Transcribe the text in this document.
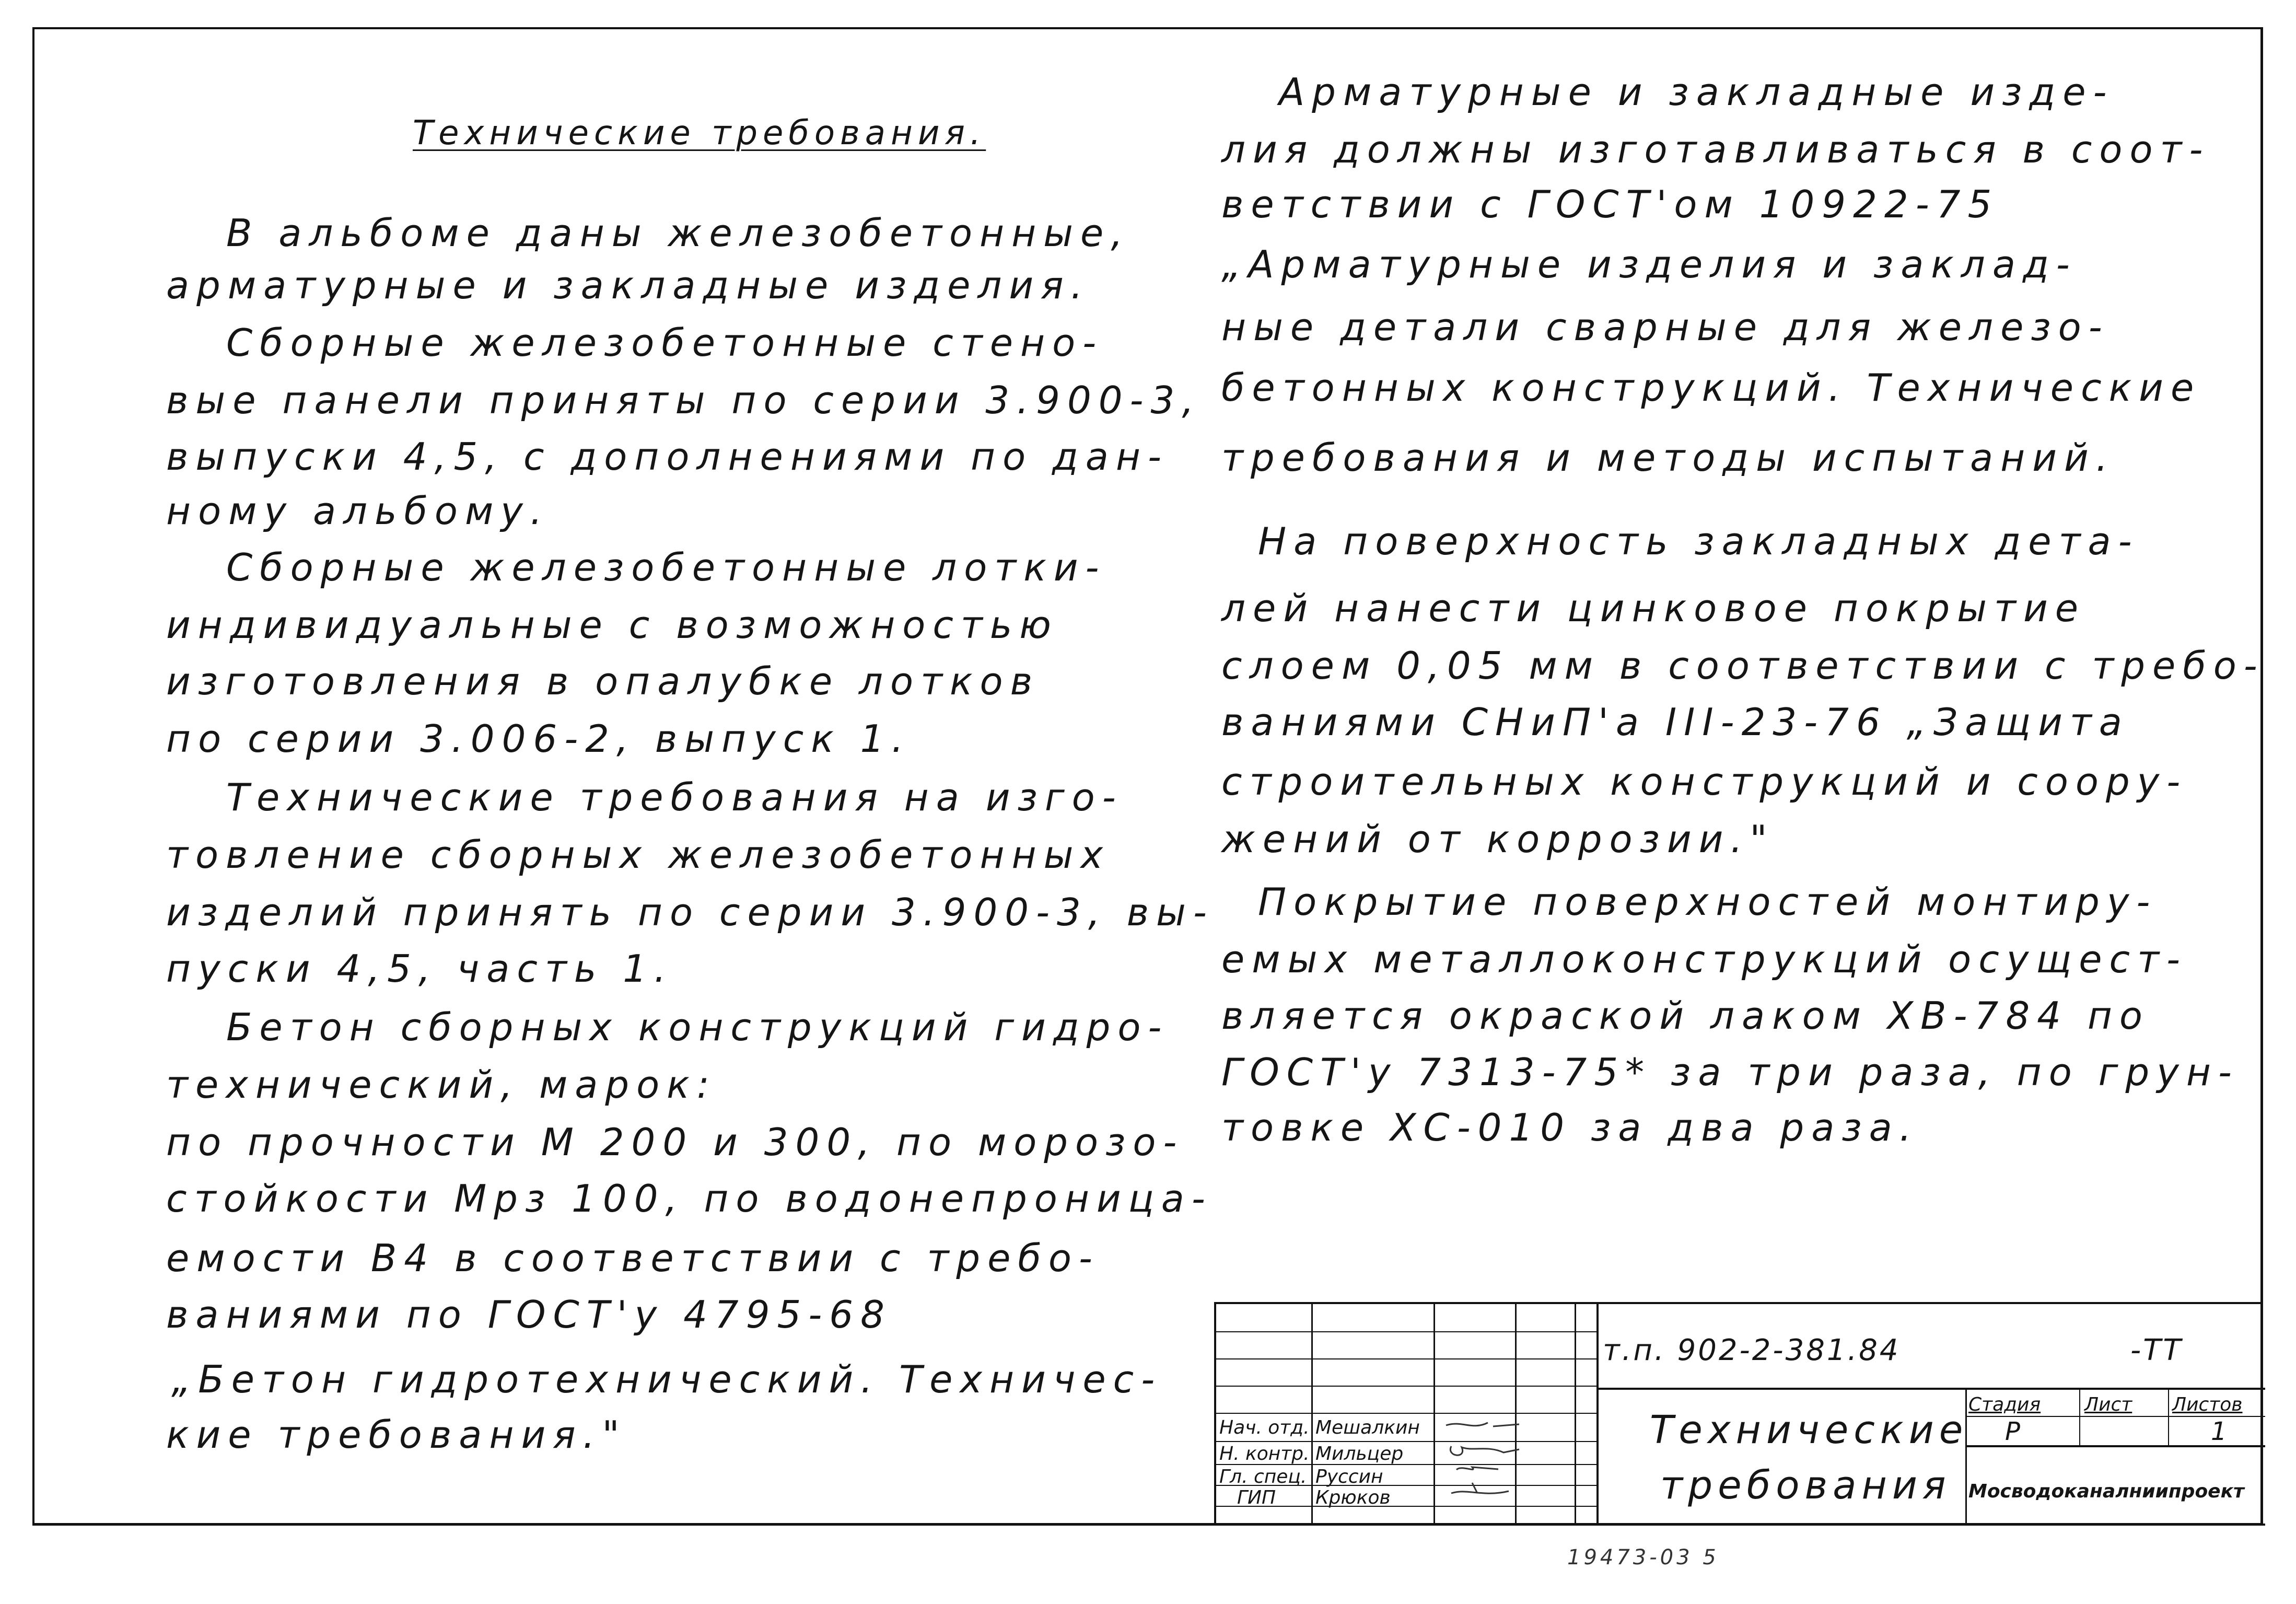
Технические требования.
В альбоме даны железобетонные,
арматурные и закладные изделия.
Сборные железобетонные стено-
вые панели приняты по серии 3.900-3,
выпуски 4,5, с дополнениями по дан-
ному альбому.
Сборные железобетонные лотки-
индивидуальные с возможностью
изготовления в опалубке лотков
по серии 3.006-2, выпуск 1.
Технические требования на изго-
товление сборных железобетонных
изделий принять по серии 3.900-3, вы-
пуски 4,5, часть 1.
Бетон сборных конструкций гидро-
технический, марок:
по прочности М 200 и 300, по морозо-
стойкости Мрз 100, по водонепроница-
емости В4 в соответствии с требо-
ваниями по ГОСТ'у 4795-68
„Бетон гидротехнический. Техничес-
кие требования."
Арматурные и закладные изде-
лия должны изготавливаться в соот-
ветствии с ГОСТ'ом 10922-75
„Арматурные изделия и заклад-
ные детали сварные для железо-
бетонных конструкций. Технические
требования и методы испытаний.
На поверхность закладных дета-
лей нанести цинковое покрытие
слоем 0,05 мм в соответствии с требо-
ваниями СНиП'а III-23-76 „Защита
строительных конструкций и соору-
жений от коррозии."
Покрытие поверхностей монтиру-
емых металлоконструкций осущест-
вляется окраской лаком ХВ-784 по
ГОСТ'у 7313-75* за три раза, по грун-
товке ХС-010 за два раза.
т.п. 902-2-381.84	-ТТ
Технические
требования
Стадия Лист Листов
Р	1
Мосводоканалниипроект
Нач. отд. Мешалкин
Н. контр. Мильцер
Гл. спец. Руссин
ГИП Крюков
19473-03 5
